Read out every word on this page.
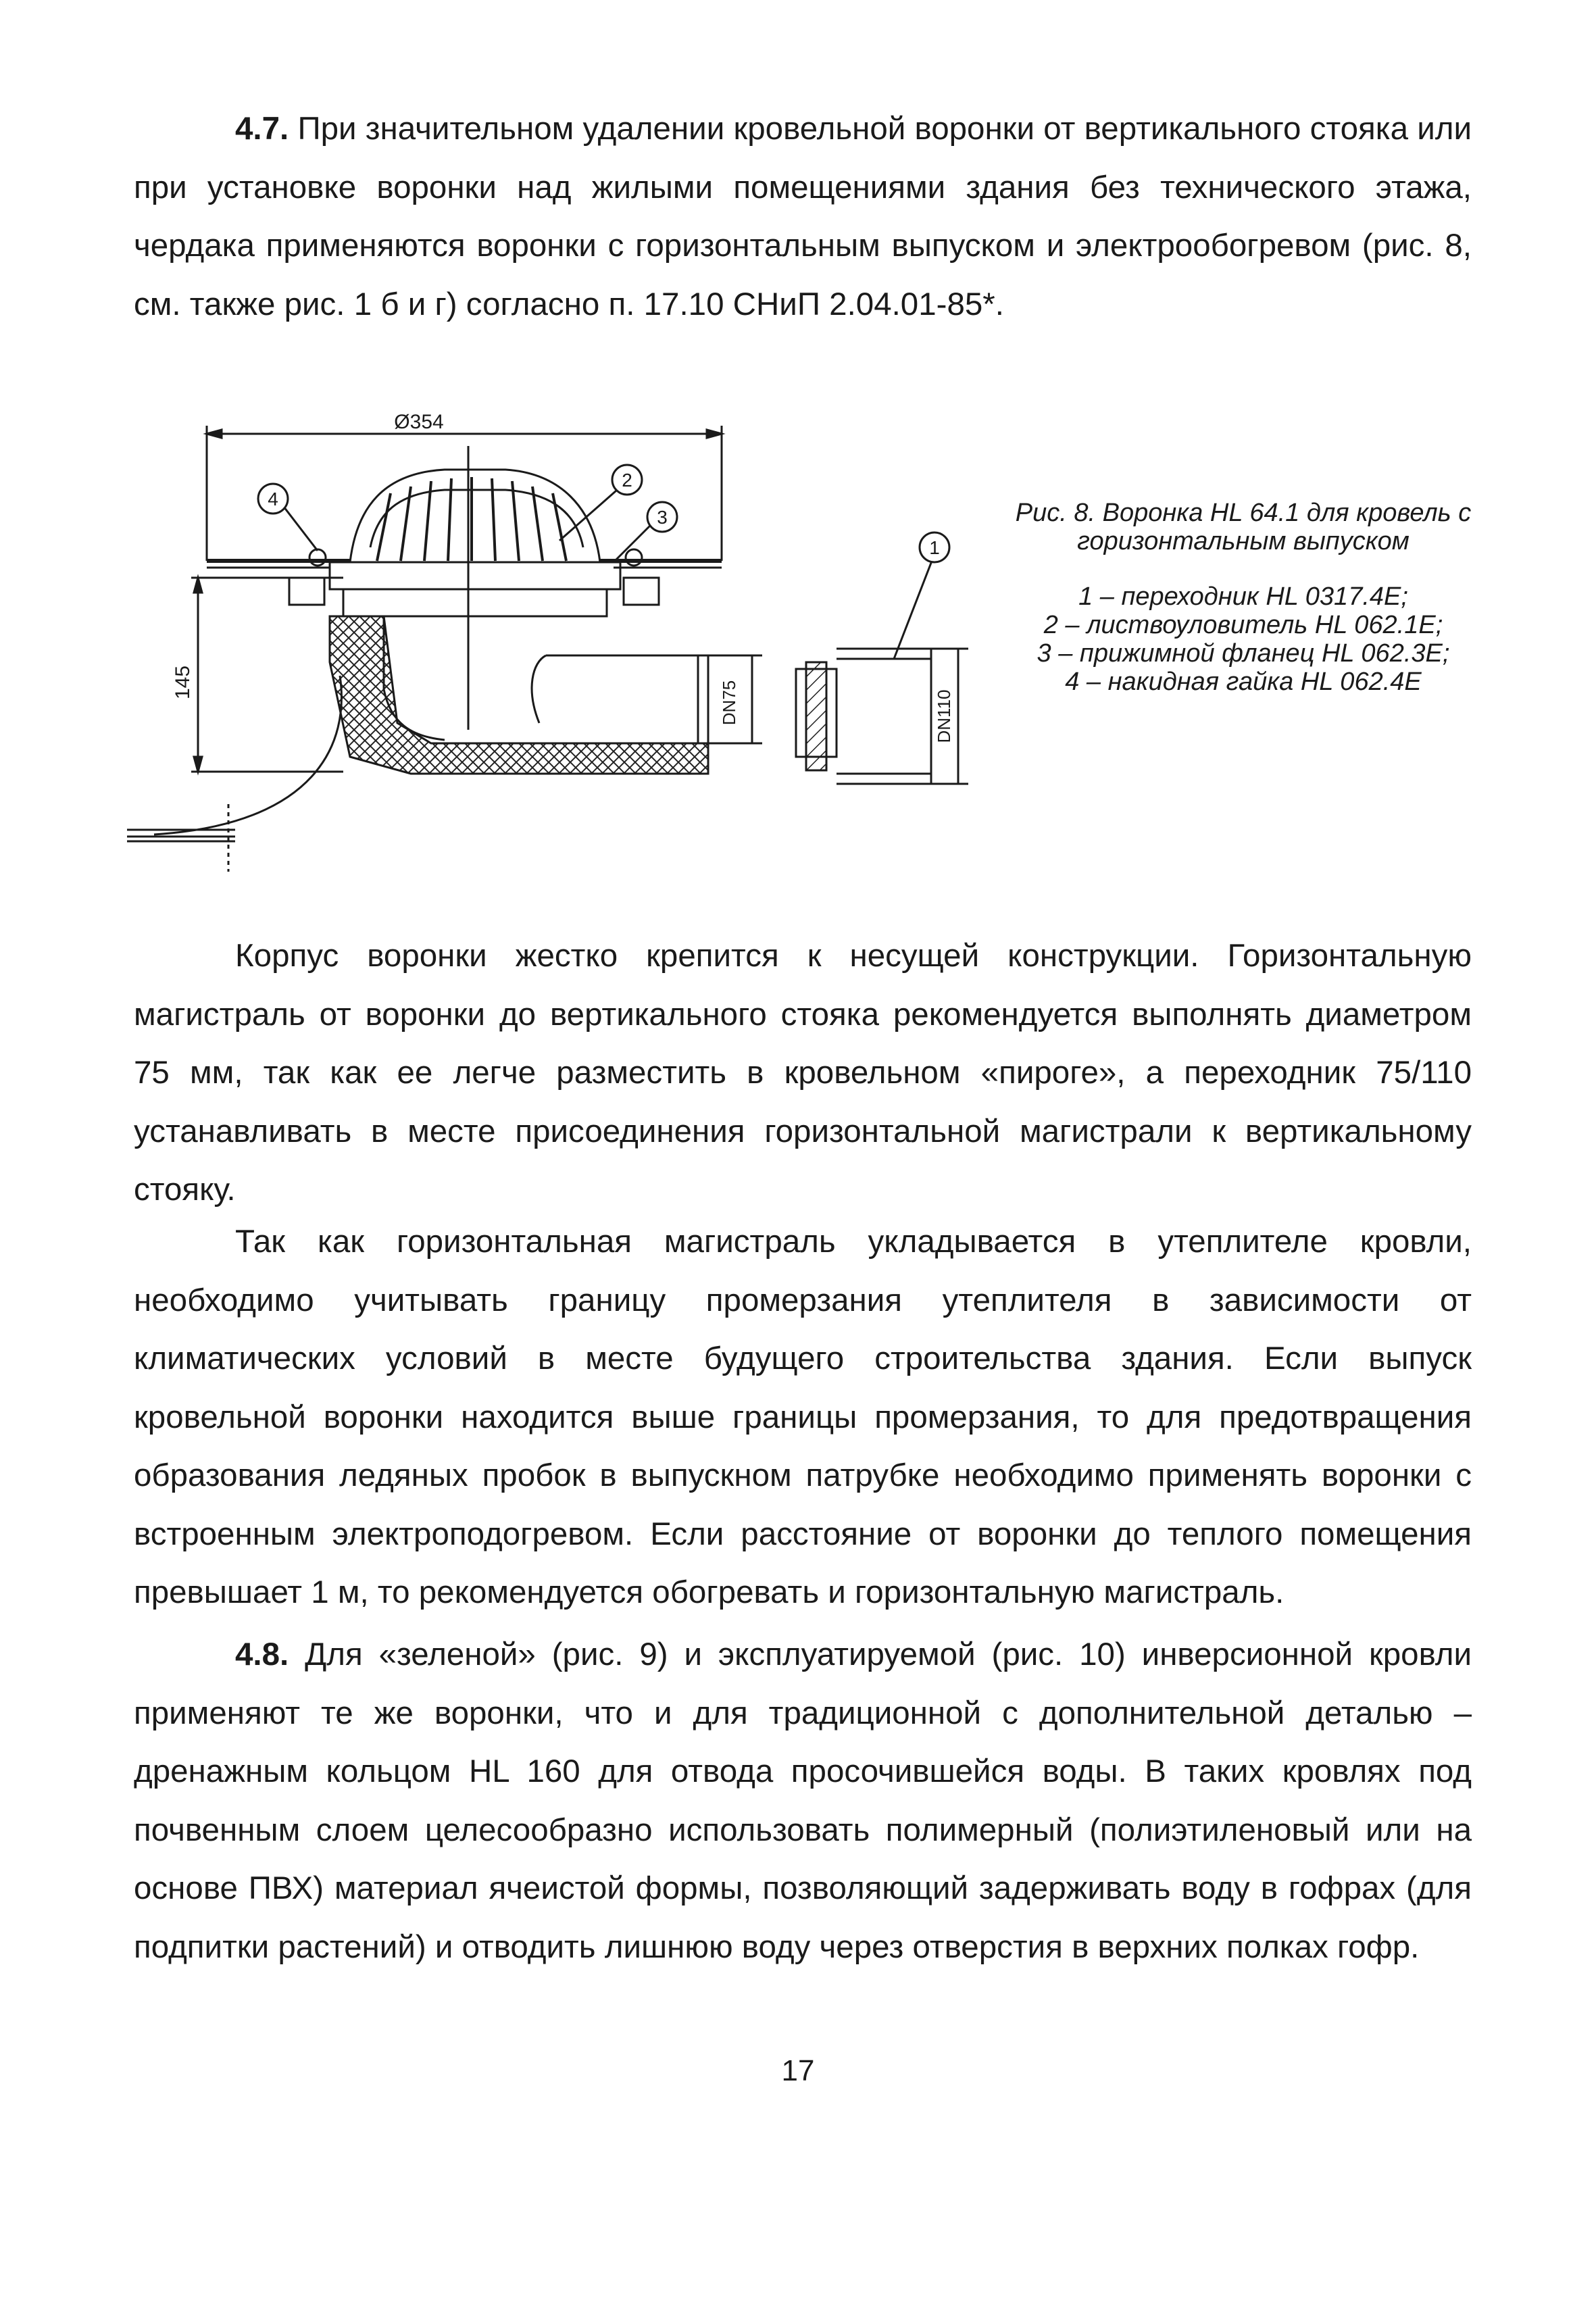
4.7. При значительном удалении кровельной воронки от вертикального стояка или при установке воронки над жилыми помещениями здания без технического этажа, чердака применяются воронки с горизонтальным выпуском и электрообогревом (рис. 8, см. также рис. 1 б и г) согласно п. 17.10 СНиП 2.04.01-85*.

4
2
3
1
Ø354
145	DN75	DN110
Рис. 8. Воронка HL 64.1 для кровель с горизонтальным выпуском
1 – переходник HL 0317.4E;
2 – листвоуловитель HL 062.1E;
3 – прижимной фланец HL 062.3E;
4 – накидная гайка HL 062.4E

Корпус воронки жестко крепится к несущей конструкции. Горизонтальную магистраль от воронки до вертикального стояка рекомендуется выполнять диаметром 75 мм, так как ее легче разместить в кровельном «пироге», а переходник 75/110 устанавливать в месте присоединения горизонтальной магистрали к вертикальному стояку.

Так как горизонтальная магистраль укладывается в утеплителе кровли, необходимо учитывать границу промерзания утеплителя в зависимости от климатических условий в месте будущего строительства здания. Если выпуск кровельной воронки находится выше границы промерзания, то для предотвращения образования ледяных пробок в выпускном патрубке необходимо применять воронки с встроенным электроподогревом. Если расстояние от воронки до теплого помещения превышает 1 м, то рекомендуется обогревать и горизонтальную магистраль.

4.8. Для «зеленой» (рис. 9) и эксплуатируемой (рис. 10) инверсионной кровли применяют те же воронки, что и для традиционной с дополнительной деталью – дренажным кольцом HL 160 для отвода просочившейся воды. В таких кровлях под почвенным слоем целесообразно использовать полимерный (полиэтиленовый или на основе ПВХ) материал ячеистой формы, позволяющий задерживать воду в гофрах (для подпитки растений) и отводить лишнюю воду через отверстия в верхних полках гофр.

17
